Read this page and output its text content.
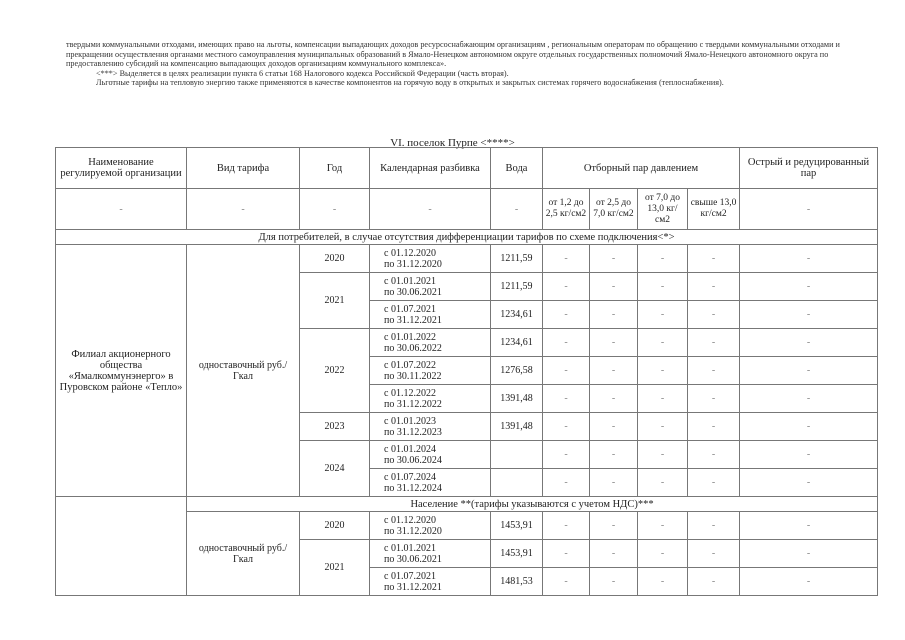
твердыми коммунальными отходами, имеющих право на льготы, компенсации выпадающих доходов ресурсоснабжающим организациям , региональным операторам по обращению с твердыми коммунальными отходами и прекращении осуществления органами местного самоуправления муниципальных образований в Ямало-Ненецком автономном округе отдельных государственных полномочий Ямало-Ненецкого автономного округа по предоставлению субсидий на компенсацию выпадающих доходов организациям коммунального комплекса».

<***> Выделяется в целях реализации пункта 6 статьи 168 Налогового кодекса Российской Федерации (часть вторая).

Льготные тарифы на тепловую энергию также применяются в качестве компонентов на горячую воду в открытых и закрытых системах горячего водоснабжения (теплоснабжения).

VI. поселок Пурпе <****>
Наименование регулируемой организации	Вид тарифа	Год	Календарная разбивка	Вода	Отборный пар давлением				Острый и редуцированный пар
-	-	-	-	-	от 1,2 до 2,5 кг/см2	от 2,5 до 7,0 кг/см2	от 7,0 до 13,0 кг/см2	свыше 13,0 кг/см2	-
Для потребителей, в случае отсутствия дифференциации тарифов по схеме подключения<*>									
Филиал акционерного общества «Ямалкоммунэнерго» в Пуровском районе «Тепло»	одноставочный руб./Гкал	2020	с 01.12.2020
по 31.12.2020	1211,59	-	-	-	-	-
		2021	с 01.01.2021
по 30.06.2021	1211,59	-	-	-	-	-

			с 01.07.2021
по 31.12.2021	1234,61	-	-	-	-	-
		2022	с 01.01.2022
по 30.06.2022	1234,61	-	-	-	-	-

			с 01.07.2022
по 30.11.2022	1276,58	-	-	-	-	-

			с 01.12.2022
по 31.12.2022	1391,48	-	-	-	-	-
		2023	с 01.01.2023
по 31.12.2023	1391,48	-	-	-	-	-
		2024	с 01.01.2024
по 30.06.2024		-	-	-	-	-

			с 01.07.2024
по 31.12.2024		-	-	-	-	-
	Население **(тарифы указываются с учетом НДС)***								
	одноставочный руб./Гкал	2020	с 01.12.2020
по 31.12.2020	1453,91	-	-	-	-	-
		2021	с 01.01.2021
по 30.06.2021	1453,91	-	-	-	-	-

			с 01.07.2021
по 31.12.2021	1481,53	-	-	-	-	-
